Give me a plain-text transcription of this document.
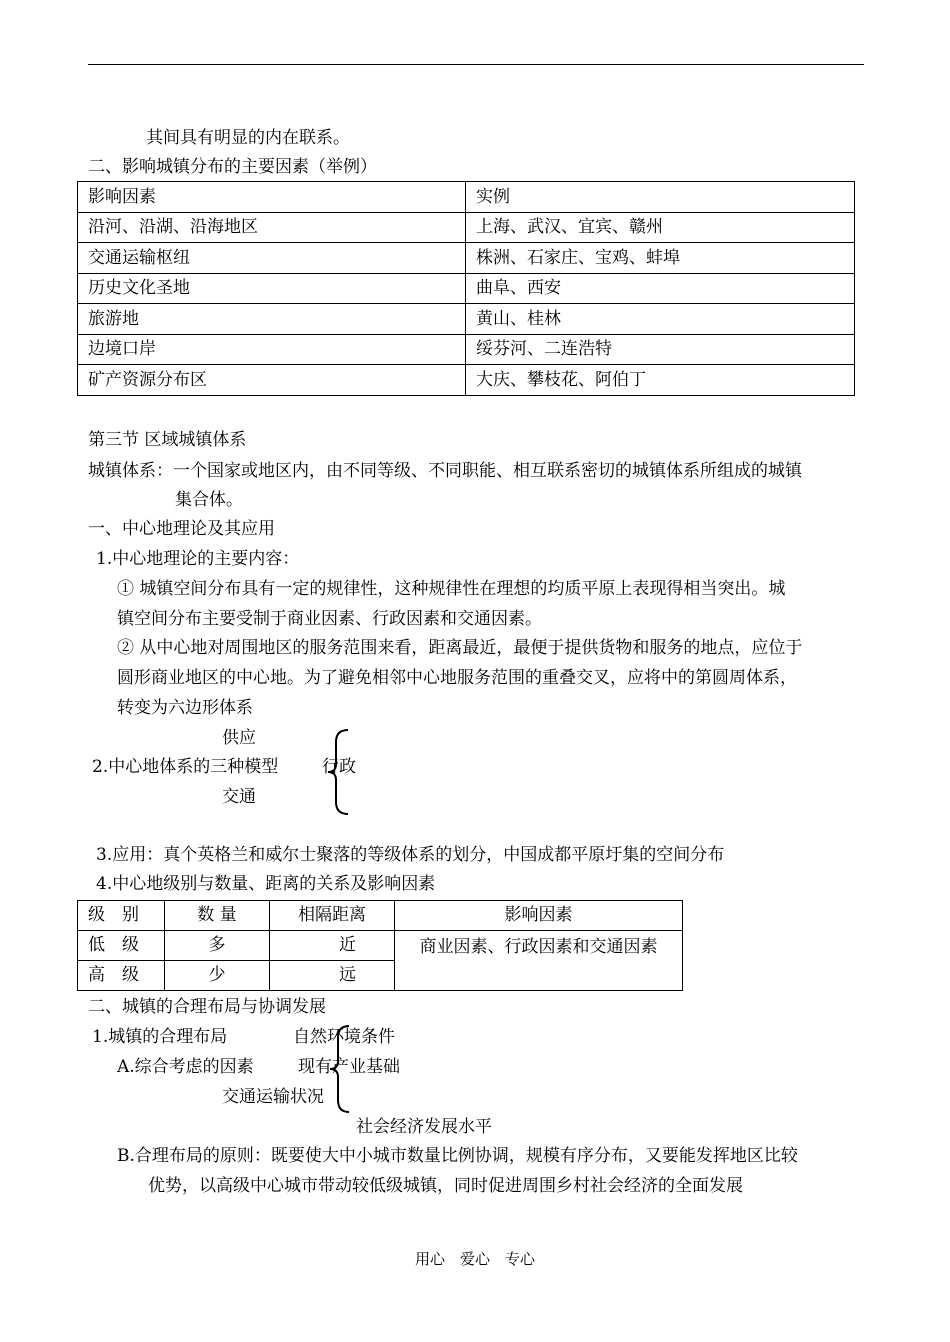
其间具有明显的内在联系。
二、影响城镇分布的主要因素（举例）
影响因素	实例
沿河、沿湖、沿海地区	上海、武汉、宜宾、赣州
交通运输枢纽	株洲、石家庄、宝鸡、蚌埠
历史文化圣地	曲阜、西安
旅游地	黄山、桂林
边境口岸	绥芬河、二连浩特
矿产资源分布区	大庆、攀枝花、阿伯丁
第三节 区域城镇体系
城镇体系：一个国家或地区内，由不同等级、不同职能、相互联系密切的城镇体系所组成的城镇
集合体。
一、中心地理论及其应用
1.中心地理论的主要内容：
① 城镇空间分布具有一定的规律性，这种规律性在理想的均质平原上表现得相当突出。城
镇空间分布主要受制于商业因素、行政因素和交通因素。
② 从中心地对周围地区的服务范围来看，距离最近，最便于提供货物和服务的地点，应位于
圆形商业地区的中心地。为了避免相邻中心地服务范围的重叠交叉，应将中的第圆周体系，
转变为六边形体系
供应
2.中心地体系的三种模型	行政
交通
3.应用：真个英格兰和威尔士聚落的等级体系的划分，中国成都平原圩集的空间分布
4.中心地级别与数量、距离的关系及影响因素
级　别	数 量	相隔距离	影响因素
低　级	多	近	商业因素、行政因素和交通因素
高　级	少	远	
二、城镇的合理布局与协调发展
1.城镇的合理布局	自然环境条件
A.综合考虑的因素	现有产业基础
交通运输状况
社会经济发展水平
B.合理布局的原则：既要使大中小城市数量比例协调，规模有序分布，又要能发挥地区比较
优势，以高级中心城市带动较低级城镇，同时促进周围乡村社会经济的全面发展
用心　爱心　专心
